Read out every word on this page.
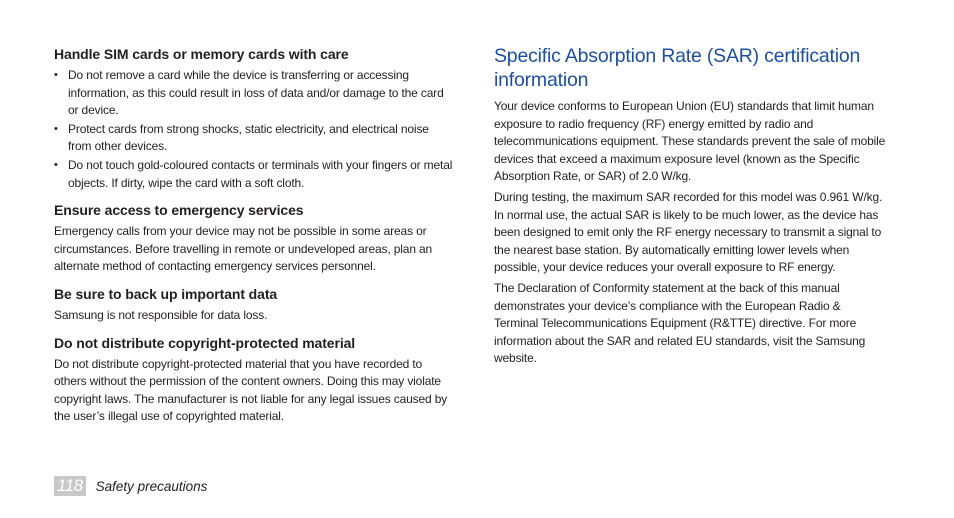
Handle SIM cards or memory cards with care
• Do not remove a card while the device is transferring or accessing information, as this could result in loss of data and/or damage to the card or device.
• Protect cards from strong shocks, static electricity, and electrical noise from other devices.
• Do not touch gold-coloured contacts or terminals with your fingers or metal objects. If dirty, wipe the card with a soft cloth.
Ensure access to emergency services

Emergency calls from your device may not be possible in some areas or circumstances. Before travelling in remote or undeveloped areas, plan an alternate method of contacting emergency services personnel.

Be sure to back up important data

Samsung is not responsible for data loss.

Do not distribute copyright-protected material

Do not distribute copyright-protected material that you have recorded to others without the permission of the content owners. Doing this may violate copyright laws. The manufacturer is not liable for any legal issues caused by the user’s illegal use of copyrighted material.

Specific Absorption Rate (SAR) certification information

Your device conforms to European Union (EU) standards that limit human exposure to radio frequency (RF) energy emitted by radio and telecommunications equipment. These standards prevent the sale of mobile devices that exceed a maximum exposure level (known as the Specific Absorption Rate, or SAR) of 2.0 W/kg.

During testing, the maximum SAR recorded for this model was 0.961 W/kg. In normal use, the actual SAR is likely to be much lower, as the device has been designed to emit only the RF energy necessary to transmit a signal to the nearest base station. By automatically emitting lower levels when possible, your device reduces your overall exposure to RF energy.

The Declaration of Conformity statement at the back of this manual demonstrates your device’s compliance with the European Radio & Terminal Telecommunications Equipment (R&TTE) directive. For more information about the SAR and related EU standards, visit the Samsung website.

118 Safety precautions
